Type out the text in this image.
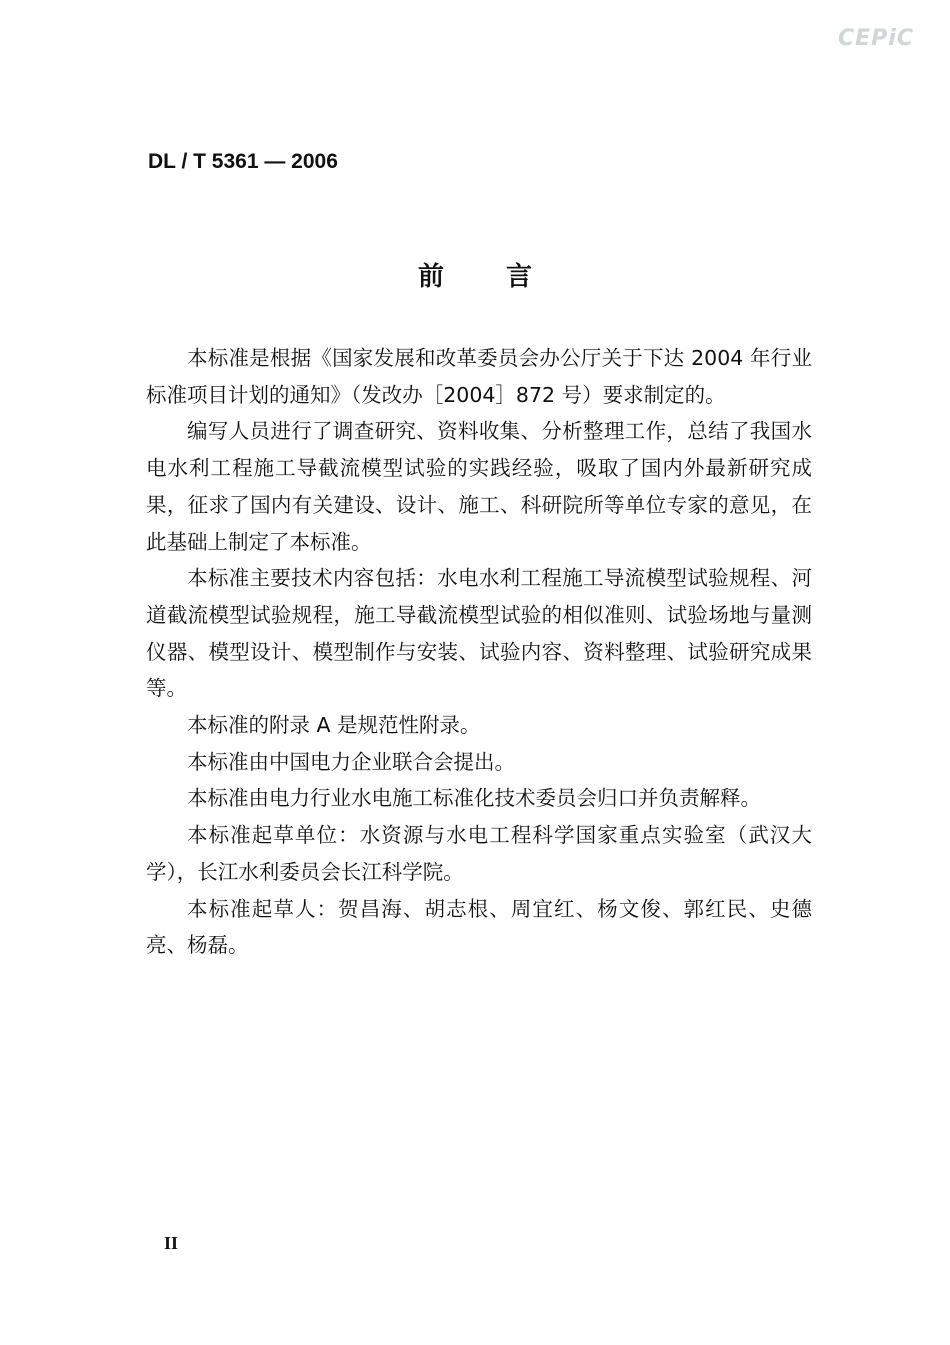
CEPiC
DL / T 5361 — 2006
前言

本标准是根据《国家发展和改革委员会办公厅关于下达 2004 年行业标准项目计划的通知》（发改办［2004］872 号）要求制定的。

编写人员进行了调查研究、资料收集、分析整理工作，总结了我国水电水利工程施工导截流模型试验的实践经验，吸取了国内外最新研究成果，征求了国内有关建设、设计、施工、科研院所等单位专家的意见，在此基础上制定了本标准。

本标准主要技术内容包括：水电水利工程施工导流模型试验规程、河道截流模型试验规程，施工导截流模型试验的相似准则、试验场地与量测仪器、模型设计、模型制作与安装、试验内容、资料整理、试验研究成果等。

本标准的附录 A 是规范性附录。

本标准由中国电力企业联合会提出。

本标准由电力行业水电施工标准化技术委员会归口并负责解释。

本标准起草单位：水资源与水电工程科学国家重点实验室（武汉大学），长江水利委员会长江科学院。

本标准起草人：贺昌海、胡志根、周宜红、杨文俊、郭红民、史德亮、杨磊。

II
